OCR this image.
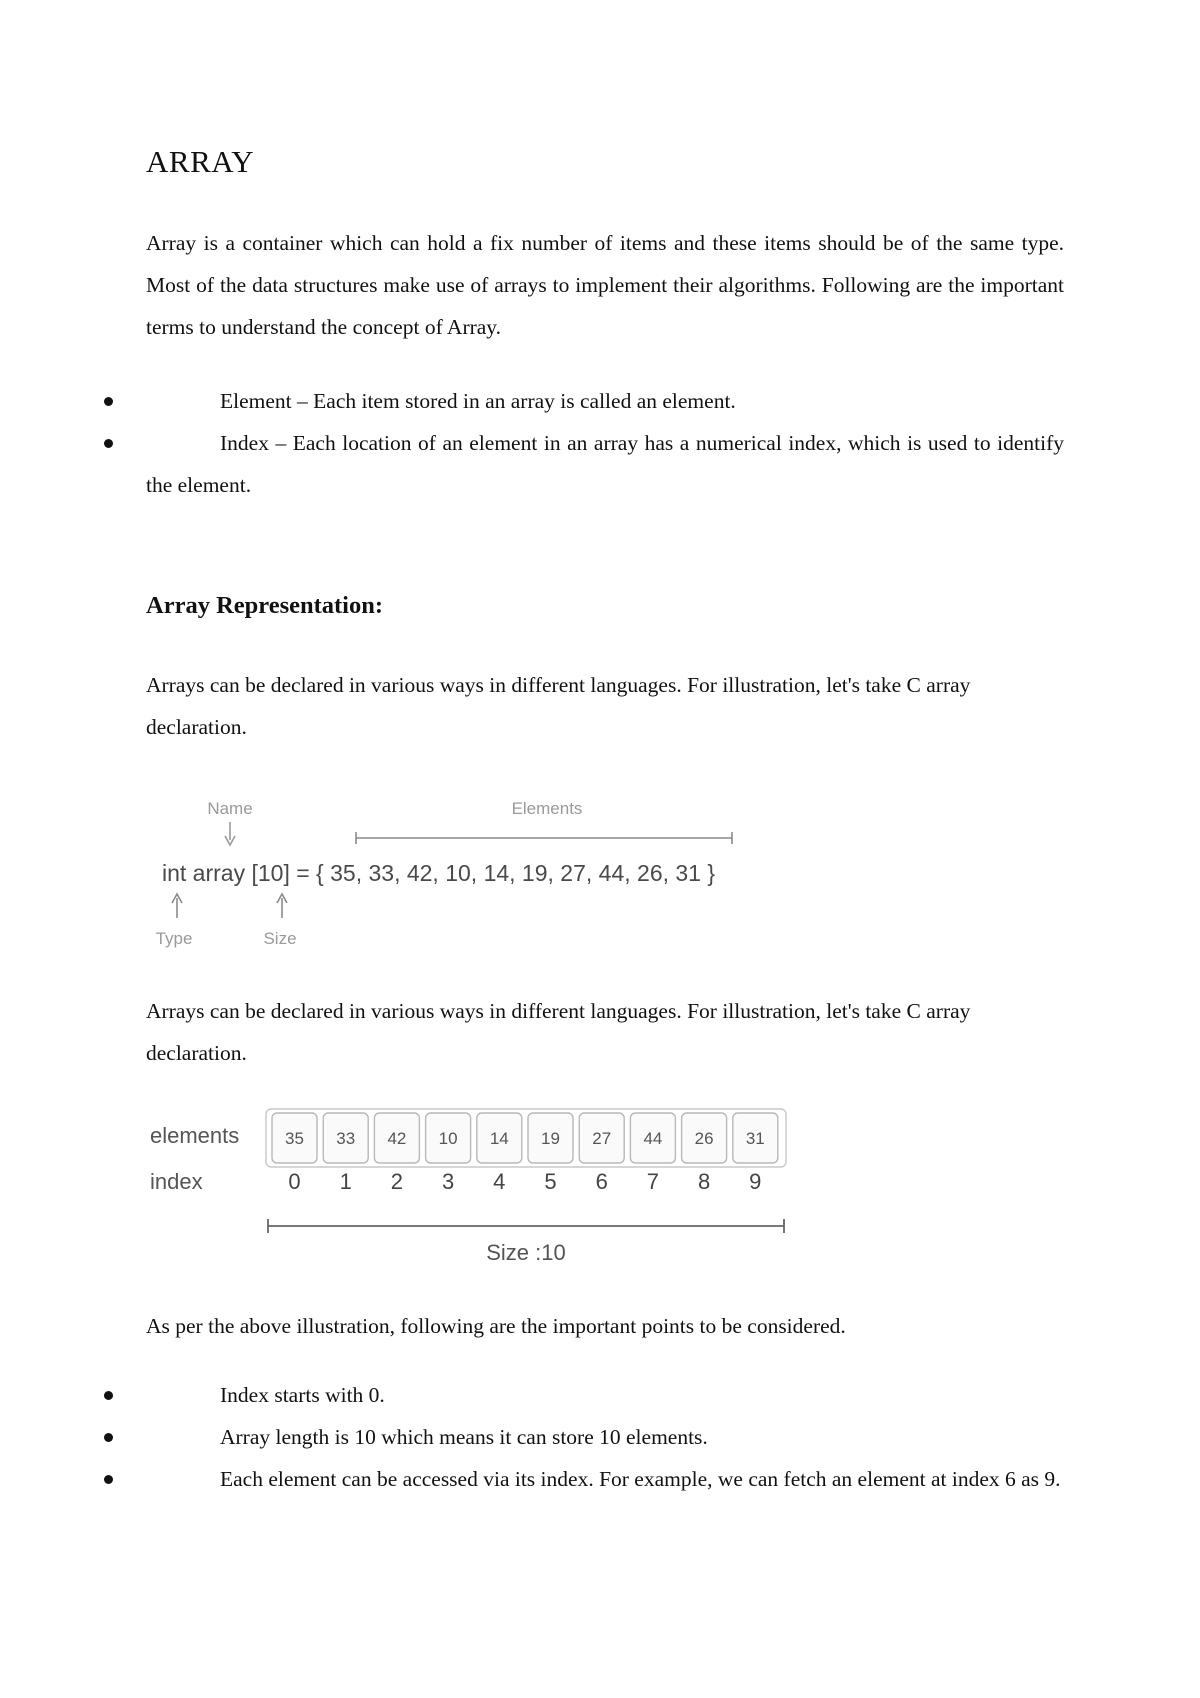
ARRAY

Array is a container which can hold a fix number of items and these items should be of the same type. Most of the data structures make use of arrays to implement their algorithms. Following are the important terms to understand the concept of Array.

Element – Each item stored in an array is called an element.
Index – Each location of an element in an array has a numerical index, which is used to identify the element.
Array Representation:

Arrays can be declared in various ways in different languages. For illustration, let's take C array declaration.

Name	Elements
int array [10] = { 35, 33, 42, 10, 14, 19, 27, 44, 26, 31 }
Type	Size

Arrays can be declared in various ways in different languages. For illustration, let's take C array declaration.

elements
index
35
0
33
1
42
2
10
3
14
4
19
5
27
6
44
7
26
8
31
9
Size :10

As per the above illustration, following are the important points to be considered.

Index starts with 0.
Array length is 10 which means it can store 10 elements.
Each element can be accessed via its index. For example, we can fetch an element at index 6 as 9.
